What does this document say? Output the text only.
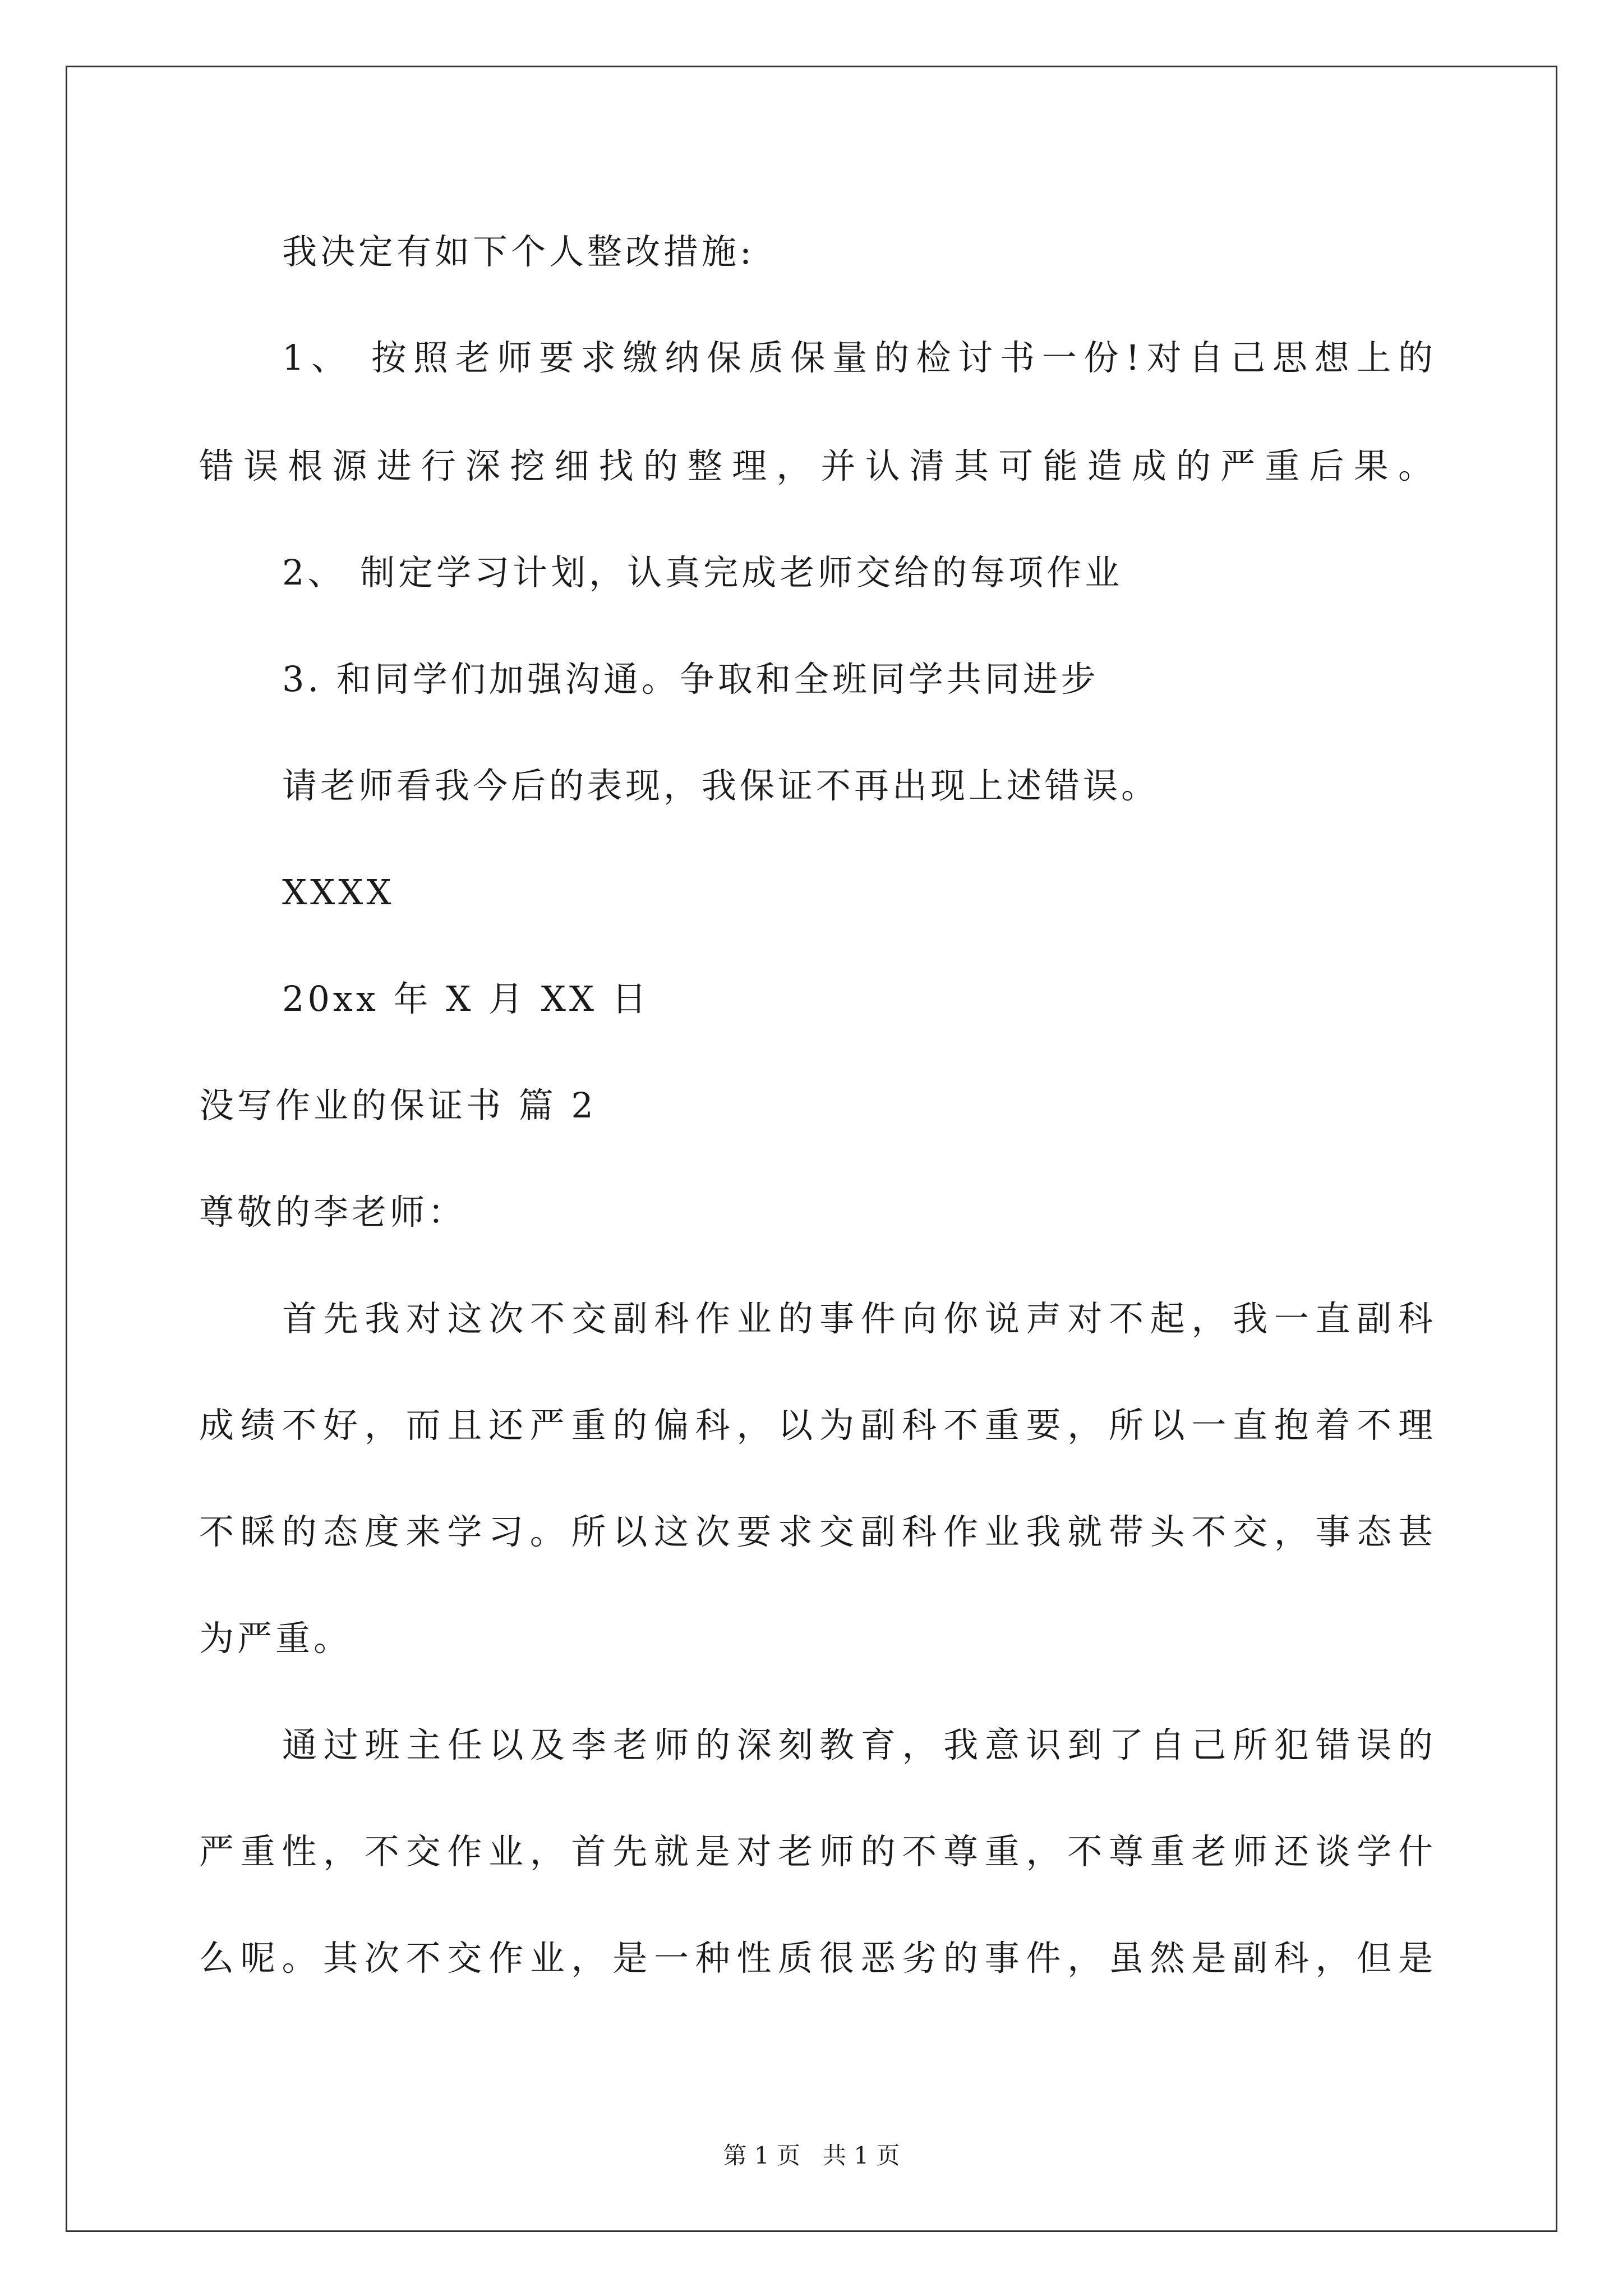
我决定有如下个人整改措施:
1、 按照老师要求缴纳保质保量的检讨书一份!对自己思想上的
错误根源进行深挖细找的整理，并认清其可能造成的严重后果。
2、 制定学习计划，认真完成老师交给的每项作业
3. 和同学们加强沟通。争取和全班同学共同进步
请老师看我今后的表现，我保证不再出现上述错误。
XXXX
20xx 年 X 月 XX 日
没写作业的保证书 篇 2
尊敬的李老师：
首先我对这次不交副科作业的事件向你说声对不起，我一直副科
成绩不好，而且还严重的偏科，以为副科不重要，所以一直抱着不理
不睬的态度来学习。所以这次要求交副科作业我就带头不交，事态甚
为严重。
通过班主任以及李老师的深刻教育，我意识到了自己所犯错误的
严重性，不交作业，首先就是对老师的不尊重，不尊重老师还谈学什
么呢。其次不交作业，是一种性质很恶劣的事件，虽然是副科，但是
第 1 页   共 1 页
